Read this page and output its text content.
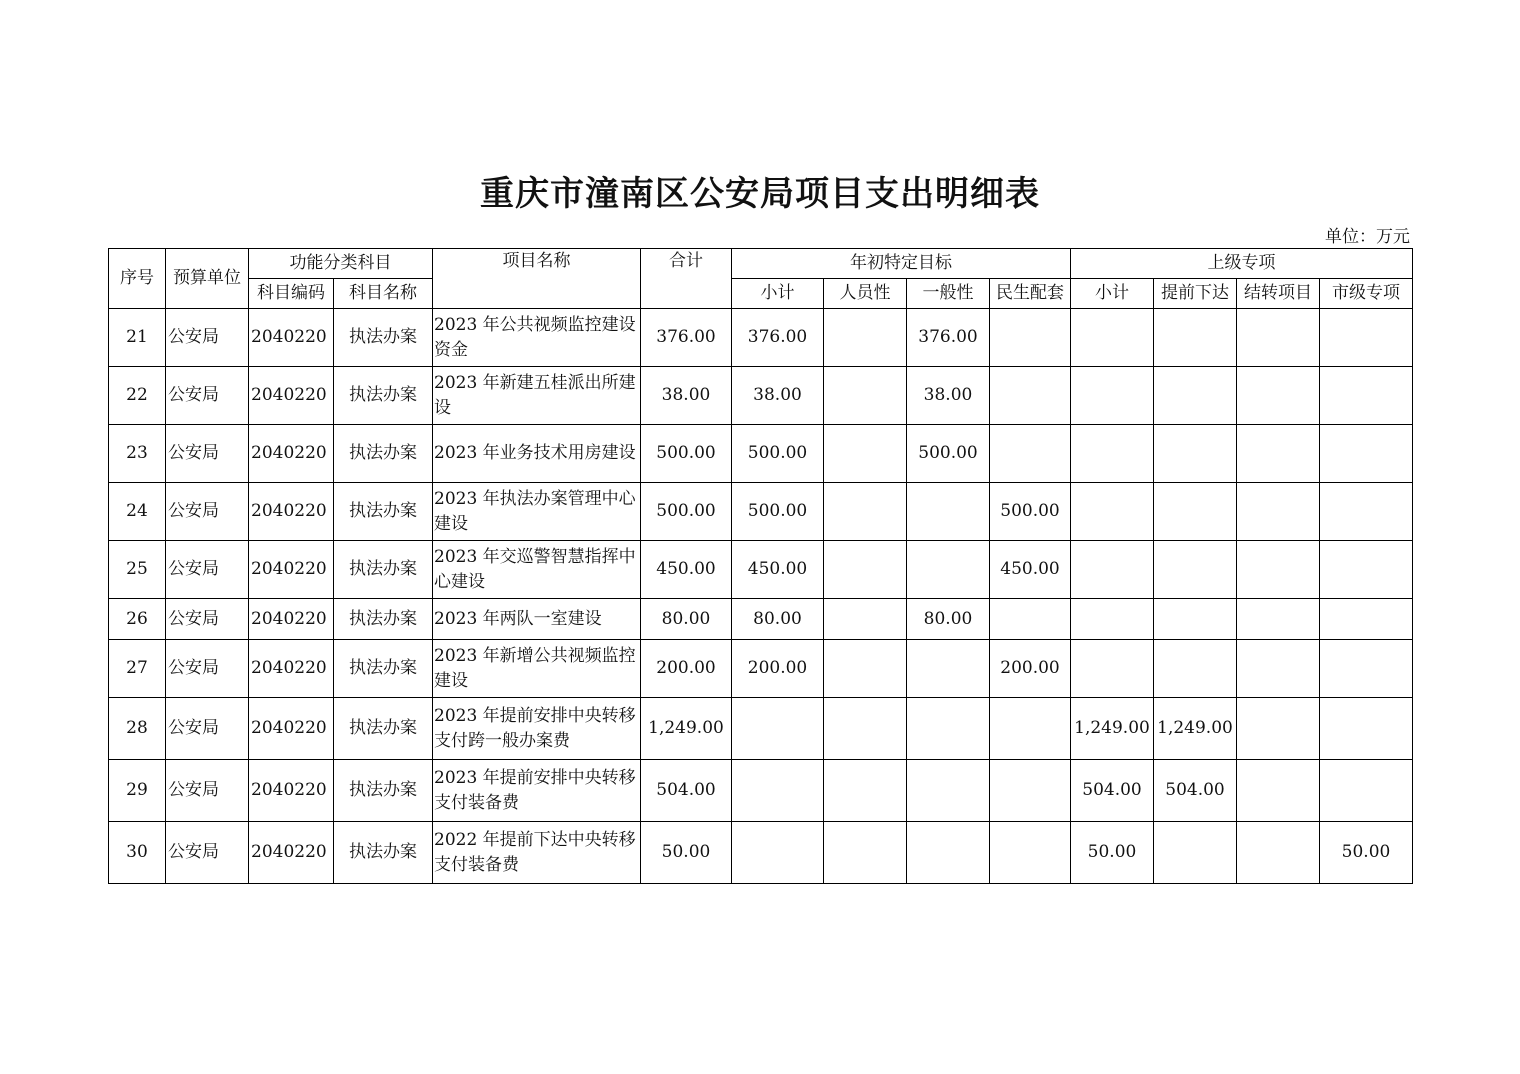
重庆市潼南区公安局项目支出明细表
单位：万元
序号	预算单位	功能分类科目		项目名称	合计	年初特定目标				上级专项			
		科目编码	科目名称			小计	人员性	一般性	民生配套	小计	提前下达	结转项目	市级专项
21	公安局	2040220	执法办案	2023 年公共视频监控建设资金	376.00	376.00		376.00					
22	公安局	2040220	执法办案	2023 年新建五桂派出所建设	38.00	38.00		38.00					
23	公安局	2040220	执法办案	2023 年业务技术用房建设	500.00	500.00		500.00					
24	公安局	2040220	执法办案	2023 年执法办案管理中心建设	500.00	500.00			500.00				
25	公安局	2040220	执法办案	2023 年交巡警智慧指挥中心建设	450.00	450.00			450.00				
26	公安局	2040220	执法办案	2023 年两队一室建设	80.00	80.00		80.00					
27	公安局	2040220	执法办案	2023 年新增公共视频监控建设	200.00	200.00			200.00				
28	公安局	2040220	执法办案	2023 年提前安排中央转移支付跨一般办案费	1,249.00					1,249.00	1,249.00		
29	公安局	2040220	执法办案	2023 年提前安排中央转移支付装备费	504.00					504.00	504.00		
30	公安局	2040220	执法办案	2022 年提前下达中央转移支付装备费	50.00					50.00			50.00
